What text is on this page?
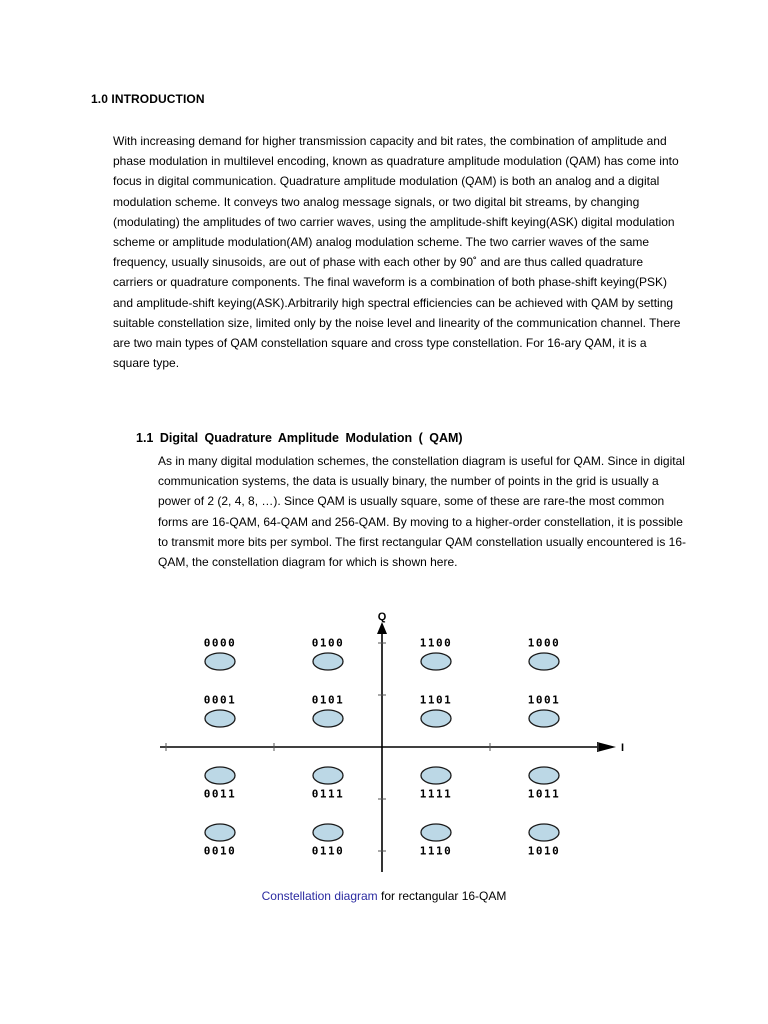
1.0 INTRODUCTION

With increasing demand for higher transmission capacity and bit rates, the combination of amplitude and phase modulation in multilevel encoding, known as quadrature amplitude modulation (QAM) has come into focus in digital communication. Quadrature amplitude modulation (QAM) is both an analog and a digital modulation scheme. It conveys two analog message signals, or two digital bit streams, by changing (modulating) the amplitudes of two carrier waves, using the amplitude-shift keying(ASK) digital modulation scheme or amplitude modulation(AM) analog modulation scheme. The two carrier waves of the same frequency, usually sinusoids, are out of phase with each other by 90˚ and are thus called quadrature carriers or quadrature components. The final waveform is a combination of both phase-shift keying(PSK) and amplitude-shift keying(ASK).Arbitrarily high spectral efficiencies can be achieved with QAM by setting suitable constellation size, limited only by the noise level and linearity of the communication channel. There are two main types of QAM constellation square and cross type constellation. For 16-ary QAM, it is a square type.

1.1 Digital Quadrature Amplitude Modulation ( QAM)

As in many digital modulation schemes, the constellation diagram is useful for QAM. Since in digital communication systems, the data is usually binary, the number of points in the grid is usually a power of 2 (2, 4, 8, …). Since QAM is usually square, some of these are rare-the most common forms are 16-QAM, 64-QAM and 256-QAM. By moving to a higher-order constellation, it is possible to transmit more bits per symbol. The first rectangular QAM constellation usually encountered is 16-QAM, the constellation diagram for which is shown here.

Q
I
0000	0100	1100	1000
0001	0101	1101	1001
0011	0111	1111	1011
0010	0110	1110	1010
Constellation diagram for rectangular 16-QAM
